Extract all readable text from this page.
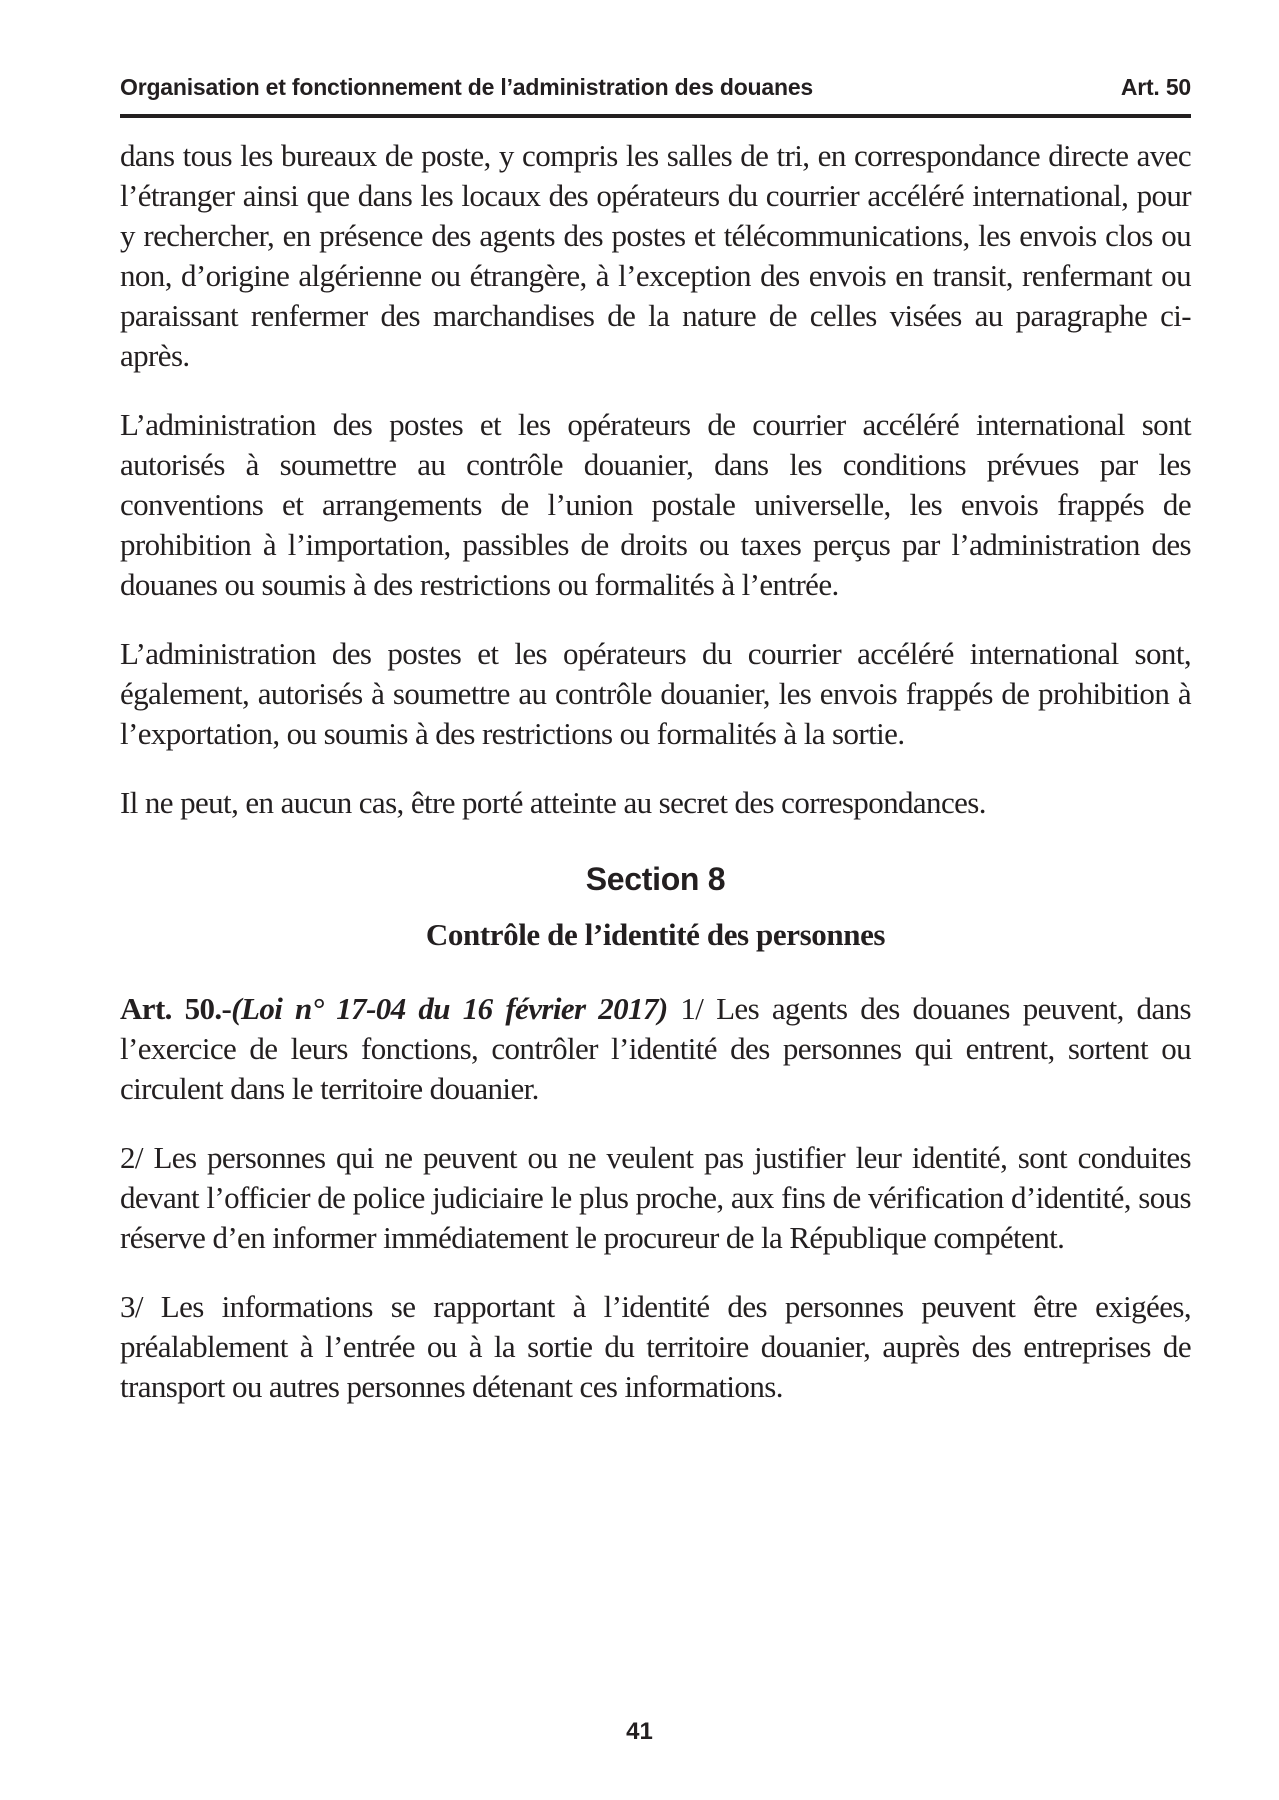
Organisation et fonctionnement de l’administration des douanes	Art. 50

dans tous les bureaux de poste, y compris les salles de tri, en correspondance directe avec l’étranger ainsi que dans les locaux des opérateurs du courrier accéléré international, pour y rechercher, en présence des agents des postes et télécommunications, les envois clos ou non, d’origine algérienne ou étrangère, à l’exception des envois en transit, renfermant ou paraissant renfermer des marchandises de la nature de celles visées au paragraphe ci-après.

L’administration des postes et les opérateurs de courrier accéléré international sont autorisés à soumettre au contrôle douanier, dans les conditions prévues par les conventions et arrangements de l’union postale universelle, les envois frappés de prohibition à l’importation, passibles de droits ou taxes perçus par l’administration des douanes ou soumis à des restrictions ou formalités à l’entrée.

L’administration des postes et les opérateurs du courrier accéléré international sont, également, autorisés à soumettre au contrôle douanier, les envois frappés de prohibition à l’exportation, ou soumis à des restrictions ou formalités à la sortie.

Il ne peut, en aucun cas, être porté atteinte au secret des correspondances.

Section 8
Contrôle de l’identité des personnes

Art. 50.-(Loi n° 17-04 du 16 février 2017) 1/ Les agents des douanes peuvent, dans l’exercice de leurs fonctions, contrôler l’identité des personnes qui entrent, sortent ou circulent dans le territoire douanier.

2/ Les personnes qui ne peuvent ou ne veulent pas justifier leur identité, sont conduites devant l’officier de police judiciaire le plus proche, aux fins de vérification d’identité, sous réserve d’en informer immédiatement le procureur de la République compétent.

3/ Les informations se rapportant à l’identité des personnes peuvent être exigées, préalablement à l’entrée ou à la sortie du territoire douanier, auprès des entreprises de transport ou autres personnes détenant ces informations.

41
